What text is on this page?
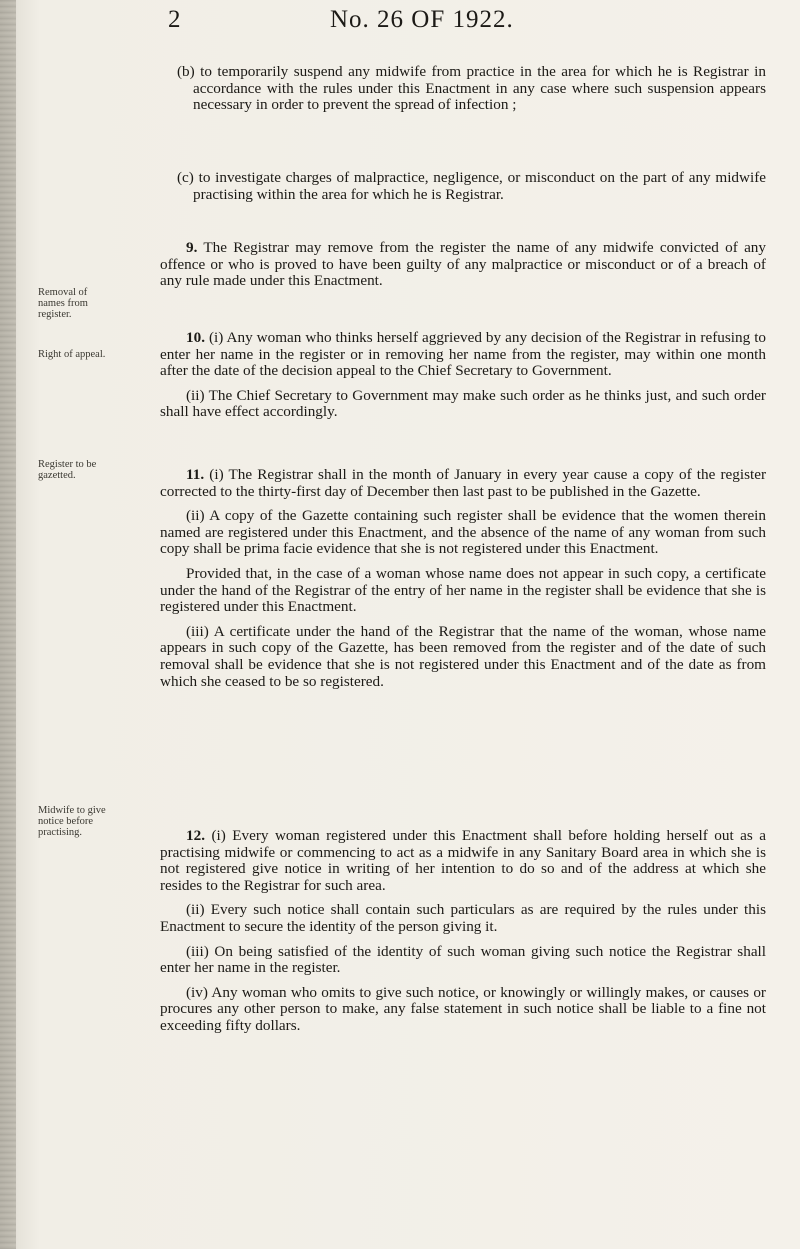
2	No. 26 OF 1922.
Removal of names from register.
Right of appeal.
Register to be gazetted.
Midwife to give notice before practising.

(b) to temporarily suspend any midwife from practice in the area for which he is Registrar in accordance with the rules under this Enactment in any case where such suspension appears necessary in order to prevent the spread of infection ;

(c) to investigate charges of malpractice, negligence, or misconduct on the part of any midwife practising within the area for which he is Registrar.

9. The Registrar may remove from the register the name of any midwife convicted of any offence or who is proved to have been guilty of any malpractice or misconduct or of a breach of any rule made under this Enactment.

10. (i) Any woman who thinks herself aggrieved by any decision of the Registrar in refusing to enter her name in the register or in removing her name from the register, may within one month after the date of the decision appeal to the Chief Secretary to Government.

(ii) The Chief Secretary to Government may make such order as he thinks just, and such order shall have effect accordingly.

11. (i) The Registrar shall in the month of January in every year cause a copy of the register corrected to the thirty-first day of December then last past to be published in the Gazette.

(ii) A copy of the Gazette containing such register shall be evidence that the women therein named are registered under this Enactment, and the absence of the name of any woman from such copy shall be prima facie evidence that she is not registered under this Enactment.

Provided that, in the case of a woman whose name does not appear in such copy, a certificate under the hand of the Registrar of the entry of her name in the register shall be evidence that she is registered under this Enactment.

(iii) A certificate under the hand of the Registrar that the name of the woman, whose name appears in such copy of the Gazette, has been removed from the register and of the date of such removal shall be evidence that she is not registered under this Enactment and of the date as from which she ceased to be so registered.

12. (i) Every woman registered under this Enactment shall before holding herself out as a practising midwife or commencing to act as a midwife in any Sanitary Board area in which she is not registered give notice in writing of her intention to do so and of the address at which she resides to the Registrar for such area.

(ii) Every such notice shall contain such particulars as are required by the rules under this Enactment to secure the identity of the person giving it.

(iii) On being satisfied of the identity of such woman giving such notice the Registrar shall enter her name in the register.

(iv) Any woman who omits to give such notice, or knowingly or willingly makes, or causes or procures any other person to make, any false statement in such notice shall be liable to a fine not exceeding fifty dollars.
